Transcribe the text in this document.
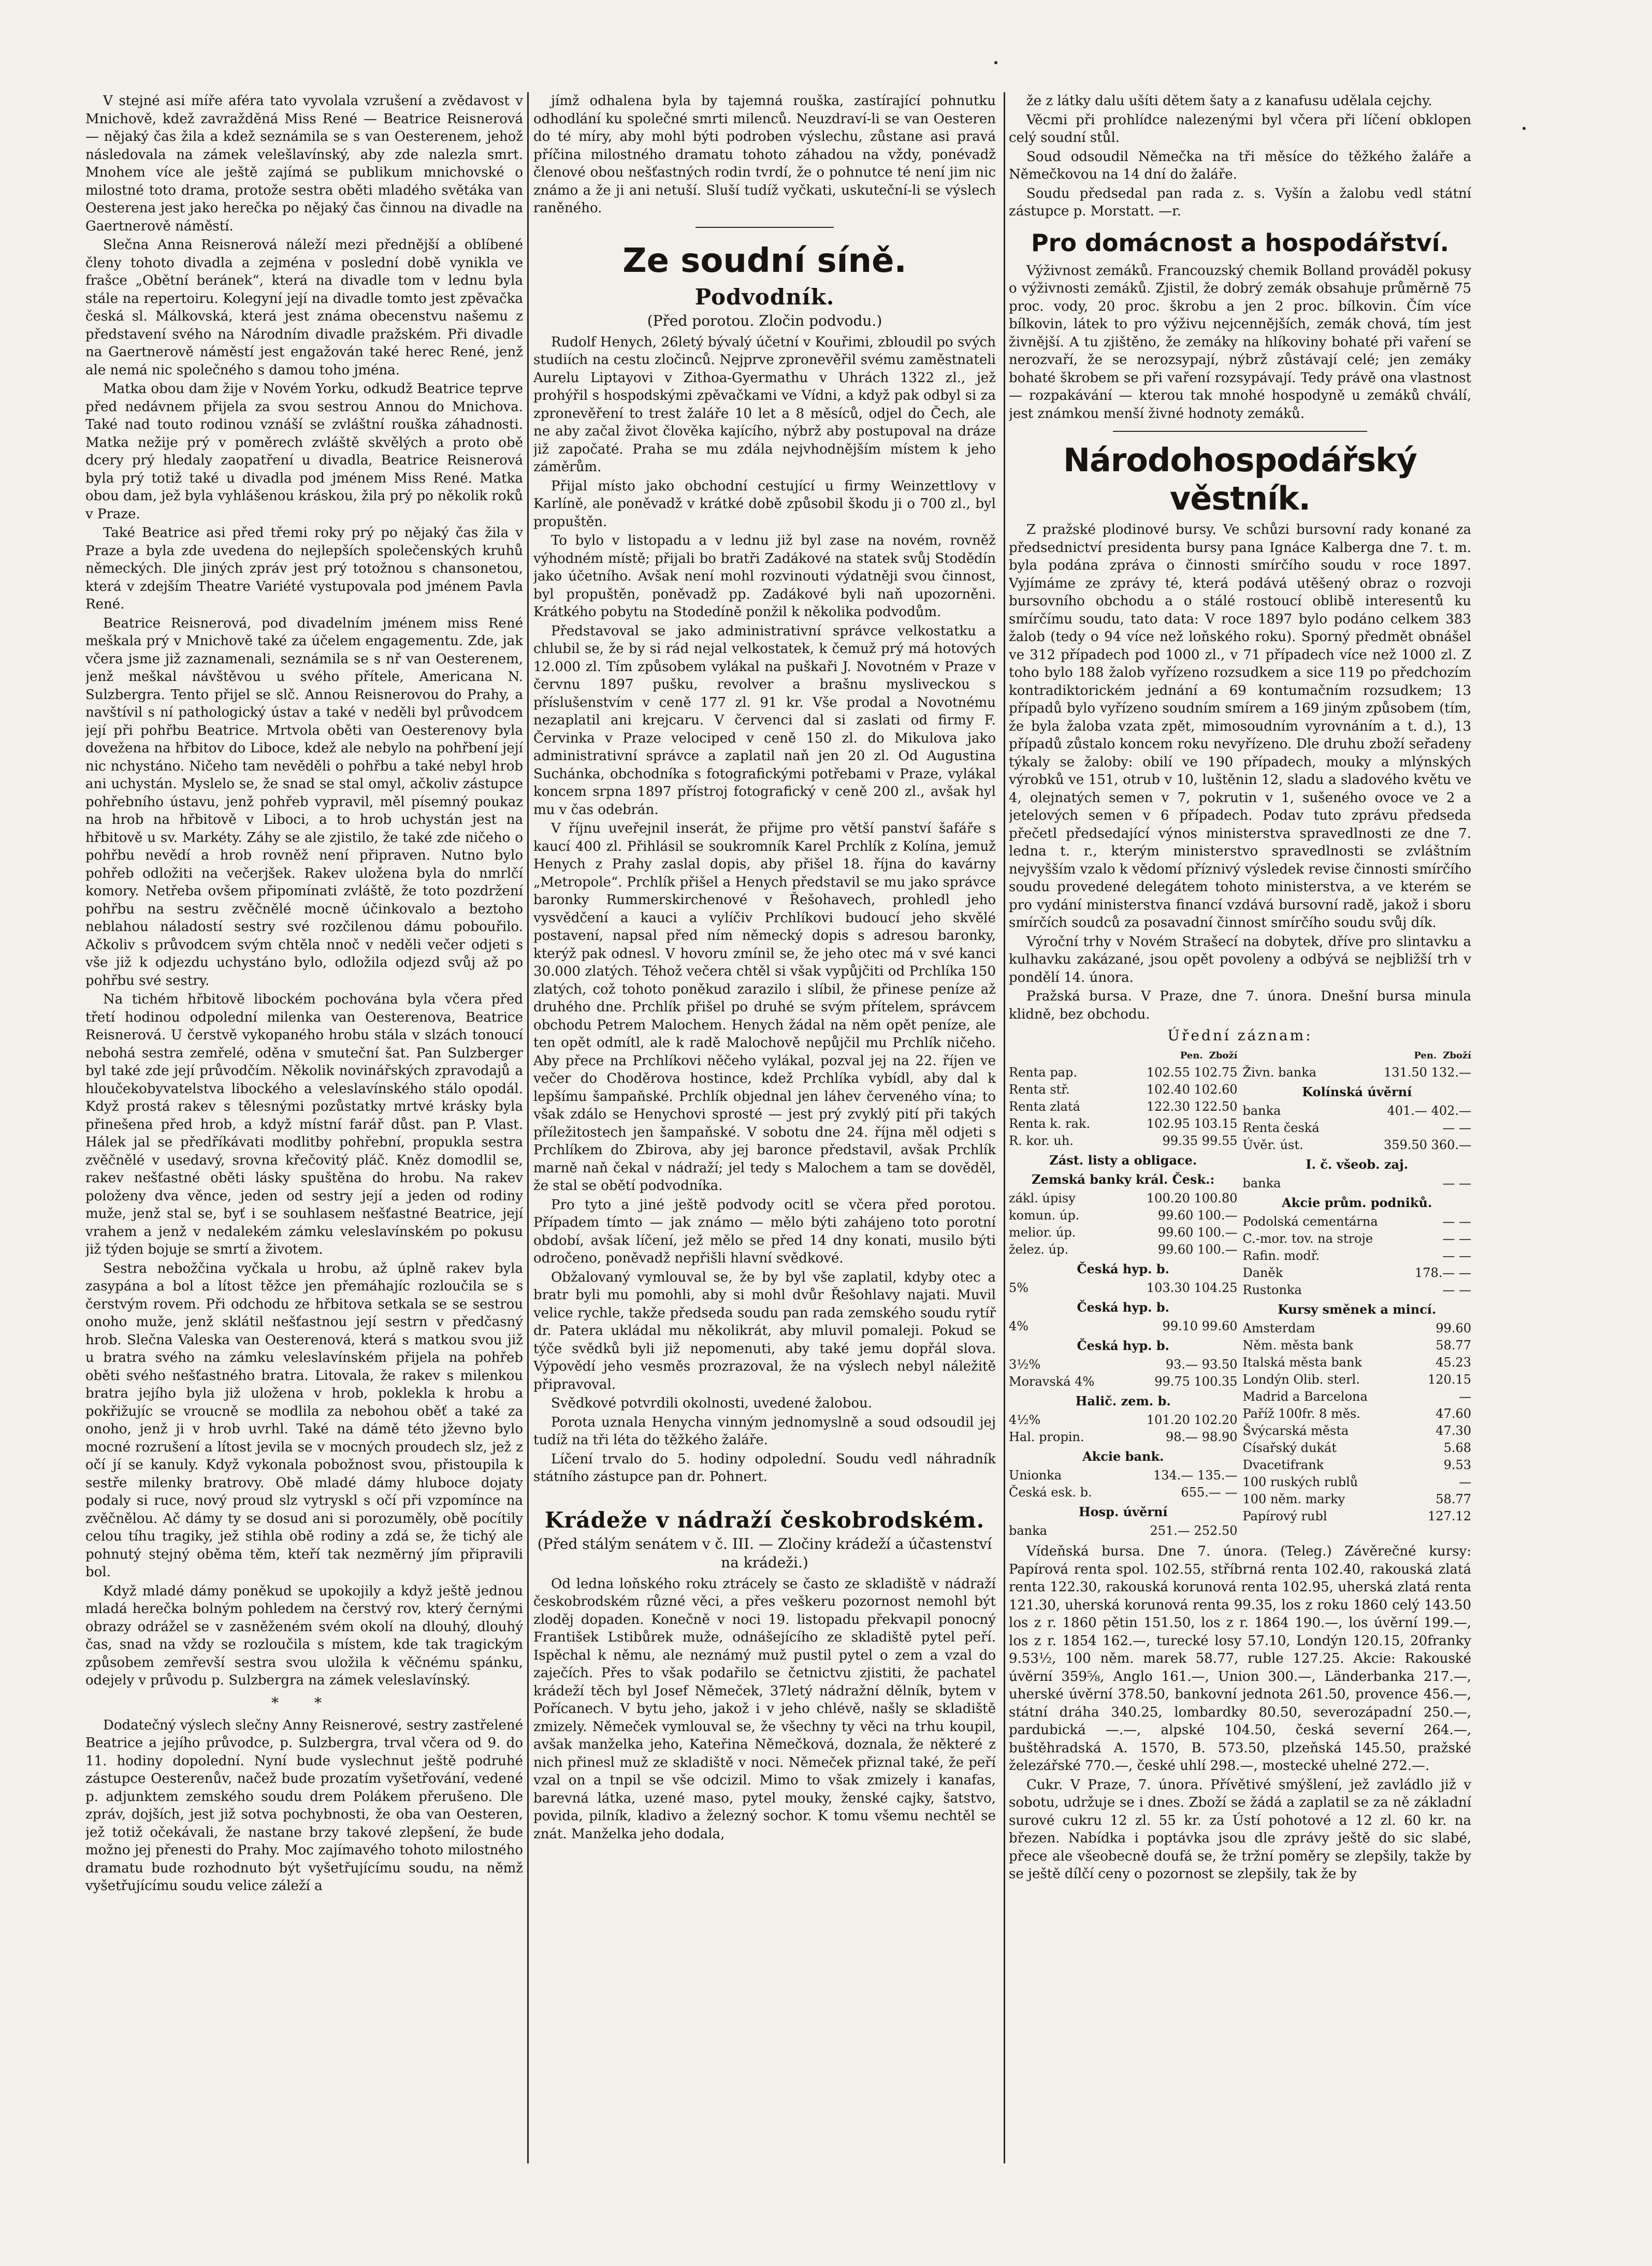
V stejné asi míře aféra tato vyvolala vzrušení a zvědavost v Mnichově, kdež zavražděná Miss René — Beatrice Reisnerová — nějaký čas žila a kdež seznámila se s van Oesterenem, jehož následovala na zámek velešlavínský, aby zde nalezla smrt. Mnohem více ale ještě zajímá se publikum mnichovské o milostné toto drama, protože sestra oběti mladého světáka van Oesterena jest jako herečka po nějaký čas činnou na divadle na Gaertnerově náměstí.

Slečna Anna Reisnerová náleží mezi přednější a oblíbené členy tohoto divadla a zejména v poslední době vynikla ve frašce „Obětní beránek“, která na divadle tom v lednu byla stále na repertoiru. Kolegyní její na divadle tomto jest zpěvačka česká sl. Málkovská, která jest známa obecenstvu našemu z představení svého na Národním divadle pražském. Při divadle na Gaertnerově náměstí jest engažován také herec René, jenž ale nemá nic společného s damou toho jména.

Matka obou dam žije v Novém Yorku, odkudž Beatrice teprve před nedávnem přijela za svou sestrou Annou do Mnichova. Také nad touto rodinou vznáší se zvláštní rouška záhadnosti. Matka nežije prý v poměrech zvláště skvělých a proto obě dcery prý hledaly zaopatření u divadla, Beatrice Reisnerová byla prý totiž také u divadla pod jménem Miss René. Matka obou dam, jež byla vyhlášenou kráskou, žila prý po několik roků v Praze.

Také Beatrice asi před třemi roky prý po nějaký čas žila v Praze a byla zde uvedena do nejlepších společenských kruhů německých. Dle jiných zpráv jest prý totožnou s chansonetou, která v zdejším Theatre Variété vystupovala pod jménem Pavla René.

Beatrice Reisnerová, pod divadelním jménem miss René meškala prý v Mnichově také za účelem engagementu. Zde, jak včera jsme již zaznamenali, seznámila se s nř van Oesterenem, jenž meškal návštěvou u svého přítele, Americana N. Sulzbergra. Tento přijel se slč. Annou Reisnerovou do Prahy, a navštívil s ní pathologický ústav a také v neděli byl průvodcem její při pohřbu Beatrice. Mrtvola oběti van Oesterenovy byla dovežena na hřbitov do Liboce, kdež ale nebylo na pohřbení její nic nchystáno. Ničeho tam nevěděli o pohřbu a také nebyl hrob ani uchystán. Myslelo se, že snad se stal omyl, ačkoliv zástupce pohřebního ústavu, jenž pohřeb vypravil, měl písemný poukaz na hrob na hřbitově v Liboci, a to hrob uchystán jest na hřbitově u sv. Markéty. Záhy se ale zjistilo, že také zde ničeho o pohřbu nevědí a hrob rovněž není připraven. Nutno bylo pohřeb odložiti na večerjšek. Rakev uložena byla do nmrlčí komory. Netřeba ovšem připomínati zvláště, že toto pozdržení pohřbu na sestru zvěčnělé mocně účinkovalo a beztoho neblahou náladostí sestry své rozčilenou dámu pobouřilo. Ačkoliv s průvodcem svým chtěla nnoč v neděli večer odjeti s vše již k odjezdu uchystáno bylo, odložila odjezd svůj až po pohřbu své sestry.

Na tichém hřbitově libockém pochována byla včera před třetí hodinou odpolední milenka van Oesterenova, Beatrice Reisnerová. U čerstvě vykopaného hrobu stála v slzách tonoucí nebohá sestra zemřelé, oděna v smuteční šat. Pan Sulzberger byl také zde její průvodčím. Několik novinářských zpravodajů a hloučekobyvatelstva libockého a veleslavínského stálo opodál. Když prostá rakev s tělesnými pozůstatky mrtvé krásky byla přinešena před hrob, a když místní farář důst. pan P. Vlast. Hálek jal se předříkávati modlitby pohřební, propukla sestra zvěčnělé v usedavý, srovna křečovitý pláč. Kněz domodlil se, rakev nešťastné oběti lásky spuštěna do hrobu. Na rakev položeny dva věnce, jeden od sestry její a jeden od rodiny muže, jenž stal se, byť i se souhlasem nešťastné Beatrice, její vrahem a jenž v nedalekém zámku veleslavínském po pokusu již týden bojuje se smrtí a životem.

Sestra nebožčina vyčkala u hrobu, až úplně rakev byla zasypána a bol a lítost těžce jen přemáhajíc rozloučila se s čerstvým rovem. Při odchodu ze hřbitova setkala se se sestrou onoho muže, jenž sklátil nešťastnou její sestrn v předčasný hrob. Slečna Valeska van Oesterenová, která s matkou svou již u bratra svého na zámku veleslavínském přijela na pohřeb oběti svého nešťastného bratra. Litovala, že rakev s milenkou bratra jejího byla již uložena v hrob, poklekla k hrobu a pokřižujíc se vroucně se modlila za nebohou oběť a také za onoho, jenž ji v hrob uvrhl. Také na dámě této jževno bylo mocné rozrušení a lítost jevila se v mocných proudech slz, jež z očí jí se kanuly. Když vykonala pobožnost svou, přistoupila k sestře milenky bratrovy. Obě mladé dámy hluboce dojaty podaly si ruce, nový proud slz vytryskl s očí při vzpomínce na zvěčnělou. Ač dámy ty se dosud ani si porozuměly, obě pocítily celou tíhu tragiky, jež stihla obě rodiny a zdá se, že tichý ale pohnutý stejný oběma těm, kteří tak nezměrný jím připravili bol.

Když mladé dámy poněkud se upokojily a když ještě jednou mladá herečka bolným pohledem na čerstvý rov, který černými obrazy odrážel se v zasněženém svém okolí na dlouhý, dlouhý čas, snad na vždy se rozloučila s místem, kde tak tragickým způsobem zemřevší sestra svou uložila k věčnému spánku, odejely v průvodu p. Sulzbergra na zámek veleslavínský.

* *

Dodatečný výslech slečny Anny Reisnerové, sestry zastřelené Beatrice a jejího průvodce, p. Sulzbergra, trval včera od 9. do 11. hodiny dopolední. Nyní bude vyslechnut ještě podruhé zástupce Oesterenův, načež bude prozatím vyšetřování, vedené p. adjunktem zemského soudu drem Polákem přerušeno. Dle zpráv, dojších, jest již sotva pochybnosti, že oba van Oesteren, jež totiž očekávali, že nastane brzy takové zlepšení, že bude možno jej přenesti do Prahy. Moc zajímavého tohoto milostného dramatu bude rozhodnuto být vyšetřujícímu soudu, na němž vyšetřujícímu soudu velice záleží a

jímž odhalena byla by tajemná rouška, zastírající pohnutku odhodlání ku společné smrti milenců. Neuzdraví-li se van Oesteren do té míry, aby mohl býti podroben výslechu, zůstane asi pravá příčina milostného dramatu tohoto záhadou na vždy, ponévadž členové obou nešťastných rodin tvrdí, že o pohnutce té není jim nic známo a že ji ani netuší. Sluší tudíž vyčkati, uskuteční-li se výslech raněného.

Ze soudní síně.
Podvodník.
(Před porotou. Zločin podvodu.)

Rudolf Henych, 26letý bývalý účetní v Kouřimi, zbloudil po svých studiích na cestu zločinců. Nejprve zpronevěřil svému zaměstnateli Aurelu Liptayovi v Zithoa-Gyermathu v Uhrách 1322 zl., jež prohýřil s hospodskými zpěvačkami ve Vídni, a když pak odbyl si za zpronevěření to trest žaláře 10 let a 8 měsíců, odjel do Čech, ale ne aby začal život člověka kajícího, nýbrž aby postupoval na dráze již započaté. Praha se mu zdála nejvhodnějším místem k jeho záměrům.

Přijal místo jako obchodní cestující u firmy Weinzettlovy v Karlíně, ale poněvadž v krátké době způsobil škodu ji o 700 zl., byl propuštěn.

To bylo v listopadu a v lednu již byl zase na novém, rovněž výhodném místě; přijali bo bratři Zadákové na statek svůj Stodědín jako účetního. Avšak není mohl rozvinouti výdatněji svou činnost, byl propuštěn, poněvadž pp. Zadákové byli naň upozorněni. Krátkého pobytu na Stodedíně ponžil k několika podvodům.

Představoval se jako administrativní správce velkostatku a chlubil se, že by si rád nejal velkostatek, k čemuž prý má hotových 12.000 zl. Tím způsobem vylákal na puškaři J. Novotném v Praze v červnu 1897 pušku, revolver a brašnu mysliveckou s příslušenstvím v ceně 177 zl. 91 kr. Vše prodal a Novotnému nezaplatil ani krejcaru. V červenci dal si zaslati od firmy F. Červinka v Praze velociped v ceně 150 zl. do Mikulova jako administrativní správce a zaplatil naň jen 20 zl. Od Augustina Suchánka, obchodníka s fotografickými potřebami v Praze, vylákal koncem srpna 1897 přístroj fotografický v ceně 200 zl., avšak hyl mu v čas odebrán.

V říjnu uveřejnil inserát, že přijme pro větší panství šafáře s kaucí 400 zl. Přihlásil se soukromník Karel Prchlík z Kolína, jemuž Henych z Prahy zaslal dopis, aby přišel 18. října do kavárny „Metropole“. Prchlík přišel a Henych představil se mu jako správce baronky Rummerskirchenové v Řešohavech, prohledl jeho vysvědčení a kauci a vylíčiv Prchlíkovi budoucí jeho skvělé postavení, napsal před ním německý dopis s adresou baronky, kterýž pak odnesl. V hovoru zmínil se, že jeho otec má v své kanci 30.000 zlatých. Téhož večera chtěl si však vypůjčiti od Prchlíka 150 zlatých, což tohoto poněkud zarazilo i slíbil, že přinese peníze až druhého dne. Prchlík přišel po druhé se svým přítelem, správcem obchodu Petrem Malochem. Henych žádal na něm opět peníze, ale ten opět odmítl, ale k radě Malochově nepůjčil mu Prchlík ničeho. Aby přece na Prchlíkovi něčeho vylákal, pozval jej na 22. říjen ve večer do Choděrova hostince, kdež Prchlíka vybídl, aby dal k lepšímu šampaňské. Prchlík objednal jen láhev červeného vína; to však zdálo se Henychovi sprosté — jest prý zvyklý pití při takých příležitostech jen šampaňské. V sobotu dne 24. října měl odjeti s Prchlíkem do Zbirova, aby jej baronce představil, avšak Prchlík marně naň čekal v nádraží; jel tedy s Malochem a tam se dověděl, že stal se obětí podvodníka.

Pro tyto a jiné ještě podvody ocitl se včera před porotou. Případem tímto — jak známo — mělo býti zahájeno toto porotní období, avšak líčení, jež mělo se před 14 dny konati, musilo býti odročeno, poněvadž nepřišli hlavní svědkové.

Obžalovaný vymlouval se, že by byl vše zaplatil, kdyby otec a bratr byli mu pomohli, aby si mohl dvůr Řešohlavy najati. Muvil velice rychle, takže předseda soudu pan rada zemského soudu rytíř dr. Patera ukládal mu několikrát, aby mluvil pomaleji. Pokud se týče svědků byli již nepomenuti, aby také jemu dopřál slova. Výpovědí jeho vesměs prozrazoval, že na výslech nebyl náležitě připravoval.

Svědkové potvrdili okolnosti, uvedené žalobou.

Porota uznala Henycha vinným jednomyslně a soud odsoudil jej tudíž na tři léta do těžkého žaláře.

Líčení trvalo do 5. hodiny odpolední. Soudu vedl náhradník státního zástupce pan dr. Pohnert.

Krádeže v nádraží českobrodském.
(Před stálým senátem v č. III. — Zločiny krádeží a účastenství na krádeži.)

Od ledna loňského roku ztrácely se často ze skladiště v nádraží českobrodském různé věci, a přes veškeru pozornost nemohl být zloděj dopaden. Konečně v noci 19. listopadu překvapil ponocný František Lstibůrek muže, odnášejícího ze skladiště pytel peří. Ispěchal k němu, ale neznámý muž pustil pytel o zem a vzal do zaječích. Přes to však podařilo se četnictvu zjistiti, že pachatel krádeží těch byl Josef Němeček, 37letý nádražní dělník, bytem v Pořícanech. V bytu jeho, jakož i v jeho chlévě, našly se skladiště zmizely. Němeček vymlouval se, že všechny ty věci na trhu koupil, avšak manželka jeho, Kateřina Němečková, doznala, že některé z nich přinesl muž ze skladiště v noci. Němeček přiznal také, že peří vzal on a tnpil se vše odcizil. Mimo to však zmizely i kanafas, barevná látka, uzené maso, pytel mouky, ženské cajky, šatstvo, povida, pilník, kladivo a železný sochor. K tomu všemu nechtěl se znát. Manželka jeho dodala,

že z látky dalu ušíti dětem šaty a z kanafusu udělala cejchy.

Věcmi při prohlídce nalezenými byl včera při líčení obklopen celý soudní stůl.

Soud odsoudil Němečka na tři měsíce do těžkého žaláře a Němečkovou na 14 dní do žaláře.

Soudu předsedal pan rada z. s. Vyšín a žalobu vedl státní zástupce p. Morstatt. —r.

Pro domácnost a hospodářství.

Výživnost zemáků. Francouzský chemik Bolland prováděl pokusy o výživnosti zemáků. Zjistil, že dobrý zemák obsahuje průměrně 75 proc. vody, 20 proc. škrobu a jen 2 proc. bílkovin. Čím více bílkovin, látek to pro výživu nejcennějších, zemák chová, tím jest živnější. A tu zjištěno, že zemáky na hlíkoviny bohaté při vaření se nerozvaří, že se nerozsypají, nýbrž zůstávají celé; jen zemáky bohaté škrobem se při vaření rozsypávají. Tedy právě ona vlastnost — rozpakávání — kterou tak mnohé hospodyně u zemáků chválí, jest známkou menší živné hodnoty zemáků.

Národohospodářský věstník.

Z pražské plodinové bursy. Ve schůzi bursovní rady konané za předsednictví presidenta bursy pana Ignáce Kalberga dne 7. t. m. byla podána zpráva o činnosti smírčího soudu v roce 1897. Vyjímáme ze zprávy té, která podává utěšený obraz o rozvoji bursovního obchodu a o stálé rostoucí oblibě interesentů ku smírčímu soudu, tato data: V roce 1897 bylo podáno celkem 383 žalob (tedy o 94 více než loňského roku). Sporný předmět obnášel ve 312 případech pod 1000 zl., v 71 případech více než 1000 zl. Z toho bylo 188 žalob vyřízeno rozsudkem a sice 119 po předchozím kontradiktorickém jednání a 69 kontumačním rozsudkem; 13 případů bylo vyřízeno soudním smírem a 169 jiným způsobem (tím, že byla žaloba vzata zpět, mimosoudním vyrovnáním a t. d.), 13 případů zůstalo koncem roku nevyřízeno. Dle druhu zboží seřadeny týkaly se žaloby: obilí ve 190 případech, mouky a mlýnských výrobků ve 151, otrub v 10, luštěnin 12, sladu a sladového květu ve 4, olejnatých semen v 7, pokrutin v 1, sušeného ovoce ve 2 a jetelových semen v 6 případech. Podav tuto zprávu předseda přečetl předsedající výnos ministerstva spravedlnosti ze dne 7. ledna t. r., kterým ministerstvo spravedlnosti se zvláštním nejvyšším vzalo k vědomí příznivý výsledek revise činnosti smírčího soudu provedené delegátem tohoto ministerstva, a ve kterém se pro vydání ministerstva financí vzdává bursovní radě, jakož i sboru smírčích soudců za posavadní činnost smírčího soudu svůj dík.

Výroční trhy v Novém Strašecí na dobytek, dříve pro slintavku a kulhavku zakázané, jsou opět povoleny a odbývá se nejbližší trh v pondělí 14. února.

Pražská bursa. V Praze, dne 7. února. Dnešní bursa minula klidně, bez obchodu.

Úřední záznam:
Pen. Zboží
Renta pap.	102.55 102.75
Renta stř.	102.40 102.60
Renta zlatá	122.30 122.50
Renta k. rak.	102.95 103.15
R. kor. uh.	99.35 99.55
Zást. listy a obligace.
Zemská banky král. Česk.:
zákl. úpisy	100.20 100.80
komun. úp.	99.60 100.—
melior. úp.	99.60 100.—
želez. úp.	99.60 100.—
Česká hyp. b.
5%	103.30 104.25
Česká hyp. b.
4%	99.10 99.60
Česká hyp. b.
3½%	93.— 93.50
Moravská 4%	99.75 100.35
Halič. zem. b.
4½%	101.20 102.20
Hal. propin.	98.— 98.90
Akcie bank.
Unionka	134.— 135.—
Česká esk. b.	655.— —
Hosp. úvěrní
banka	251.— 252.50
Pen. Zboží
Živn. banka	131.50 132.—
Kolínská úvěrní
banka	401.— 402.—
Renta česká	— —
Úvěr. úst.	359.50 360.—
I. č. všeob. zaj.
banka	— —
Akcie prům. podniků.
Podolská cementárna	— —
C.-mor. tov. na stroje	— —
Rafin. modř.	— —
Daněk	178.— —
Rustonka	— —
Kursy směnek a mincí.
Amsterdam	99.60
Něm. města bank	58.77
Italská města bank	45.23
Londýn Olib. sterl.	120.15
Madrid a Barcelona	—
Paříž 100fr. 8 měs.	47.60
Švýcarská města	47.30
Císařský dukát	5.68
Dvacetifrank	9.53
100 ruských rublů	—
100 něm. marky	58.77
Papírový rubl	127.12

Vídeňská bursa. Dne 7. února. (Teleg.) Závěrečné kursy: Papírová renta spol. 102.55, stříbrná renta 102.40, rakouská zlatá renta 122.30, rakouská korunová renta 102.95, uherská zlatá renta 121.30, uherská korunová renta 99.35, los z roku 1860 celý 143.50 los z r. 1860 pětin 151.50, los z r. 1864 190.—, los úvěrní 199.—, los z r. 1854 162.—, turecké losy 57.10, Londýn 120.15, 20franky 9.53½, 100 něm. marek 58.77, ruble 127.25. Akcie: Rakouské úvěrní 359⅝, Anglo 161.—, Union 300.—, Länderbanka 217.—, uherské úvěrní 378.50, bankovní jednota 261.50, provence 456.—, státní dráha 340.25, lombardky 80.50, severozápadní 250.—, pardubická —.—, alpské 104.50, česká severní 264.—, buštěhradská A. 1570, B. 573.50, plzeňská 145.50, pražské železářské 770.—, české uhlí 298.—, mostecké uhelné 272.—.

Cukr. V Praze, 7. února. Přívětivé smýšlení, jež zavládlo již v sobotu, udržuje se i dnes. Zboží se žádá a zaplatil se za ně základní surové cukru 12 zl. 55 kr. za Ústí pohotové a 12 zl. 60 kr. na březen. Nabídka i poptávka jsou dle zprávy ještě do sic slabé, přece ale všeobecně doufá se, že tržní poměry se zlepšily, takže by se ještě dílčí ceny o pozornost se zlepšily, tak že by
